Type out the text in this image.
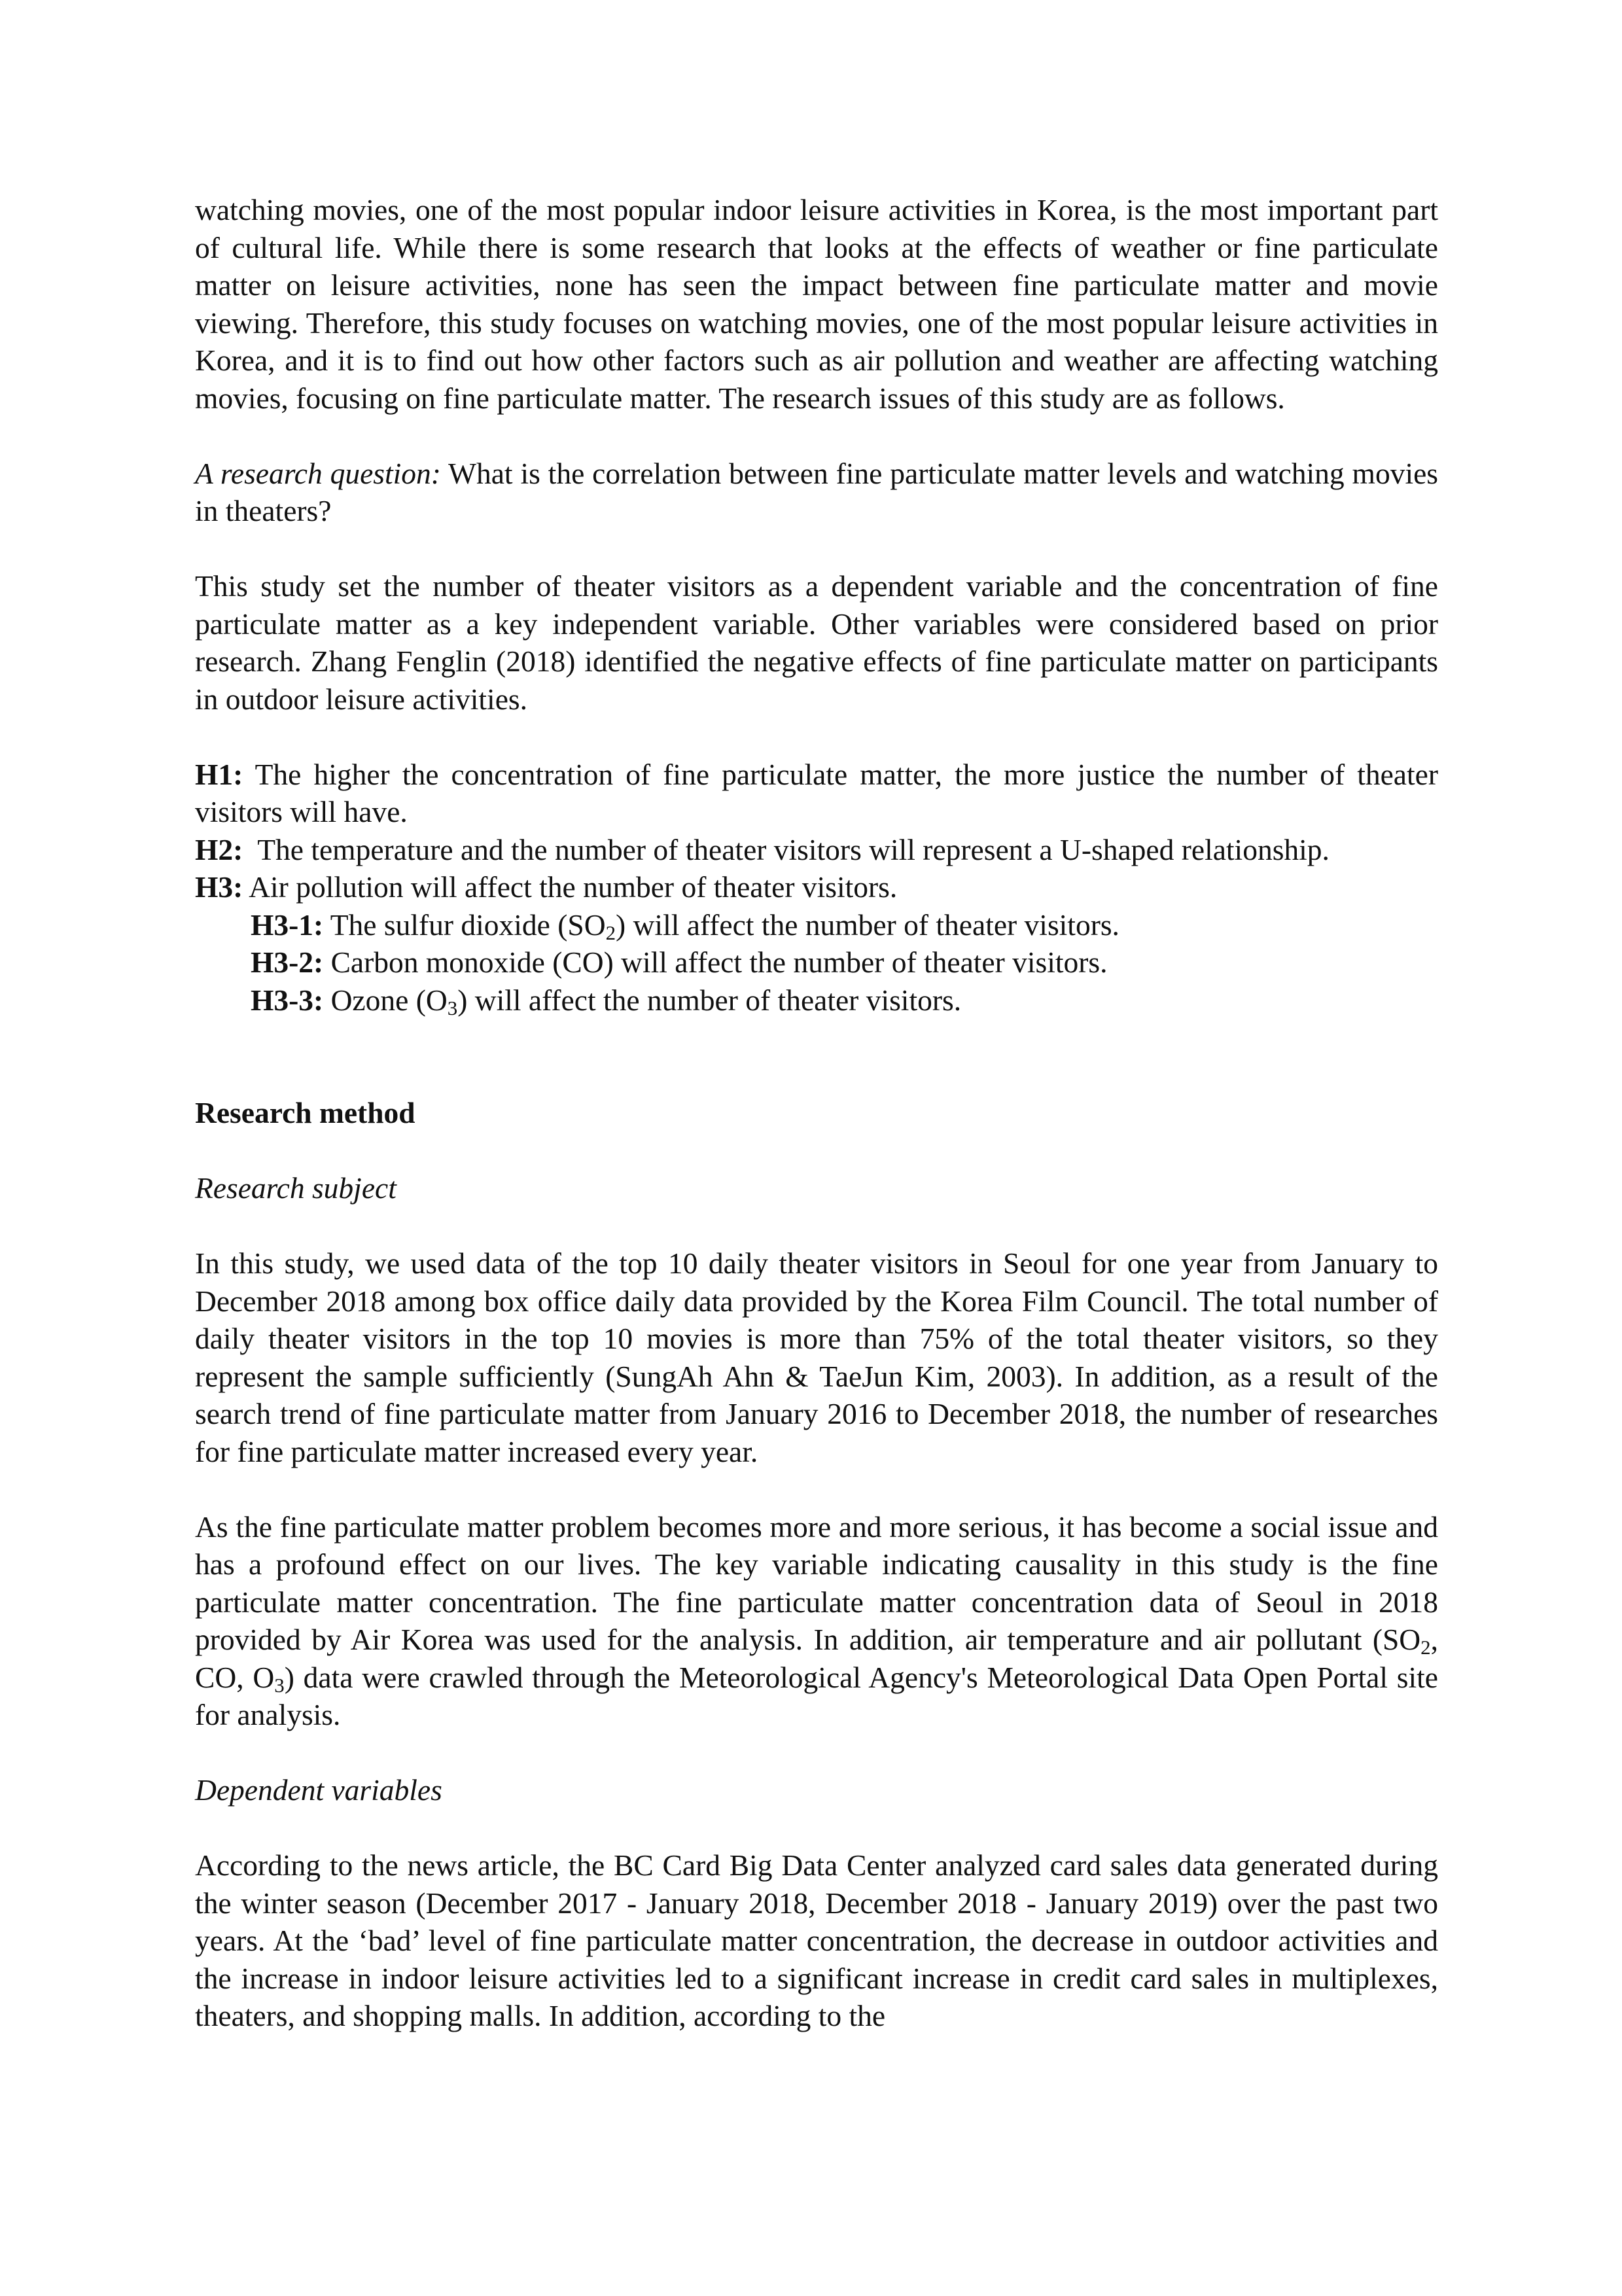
watching movies, one of the most popular indoor leisure activities in Korea, is the most important part of cultural life. While there is some research that looks at the effects of weather or fine particulate matter on leisure activities, none has seen the impact between fine particulate matter and movie viewing. Therefore, this study focuses on watching movies, one of the most popular leisure activities in Korea, and it is to find out how other factors such as air pollution and weather are affecting watching movies, focusing on fine particulate matter. The research issues of this study are as follows.

A research question: What is the correlation between fine particulate matter levels and watching movies in theaters?

This study set the number of theater visitors as a dependent variable and the concentration of fine particulate matter as a key independent variable. Other variables were considered based on prior research. Zhang Fenglin (2018) identified the negative effects of fine particulate matter on participants in outdoor leisure activities.

H1: The higher the concentration of fine particulate matter, the more justice the number of theater visitors will have.

H2:  The temperature and the number of theater visitors will represent a U-shaped relationship.

H3: Air pollution will affect the number of theater visitors.

H3-1: The sulfur dioxide $(SO_2)$ will affect the number of theater visitors.

H3-2: Carbon monoxide (CO) will affect the number of theater visitors.

H3-3: Ozone $(O_3)$ will affect the number of theater visitors.

Research method

Research subject

In this study, we used data of the top 10 daily theater visitors in Seoul for one year from January to December 2018 among box office daily data provided by the Korea Film Council. The total number of daily theater visitors in the top 10 movies is more than 75% of the total theater visitors, so they represent the sample sufficiently (SungAh Ahn & TaeJun Kim, 2003). In addition, as a result of the search trend of fine particulate matter from January 2016 to December 2018, the number of researches for fine particulate matter increased every year.

As the fine particulate matter problem becomes more and more serious, it has become a social issue and has a profound effect on our lives. The key variable indicating causality in this study is the fine particulate matter concentration. The fine particulate matter concentration data of Seoul in 2018 provided by Air Korea was used for the analysis. In addition, air temperature and air pollutant ($SO_2$, CO, $O_3$) data were crawled through the Meteorological Agency's Meteorological Data Open Portal site for analysis.

Dependent variables

According to the news article, the BC Card Big Data Center analyzed card sales data generated during the winter season (December 2017 - January 2018, December 2018 - January 2019) over the past two years. At the ‘bad’ level of fine particulate matter concentration, the decrease in outdoor activities and the increase in indoor leisure activities led to a significant increase in credit card sales in multiplexes, theaters, and shopping malls. In addition, according to the
